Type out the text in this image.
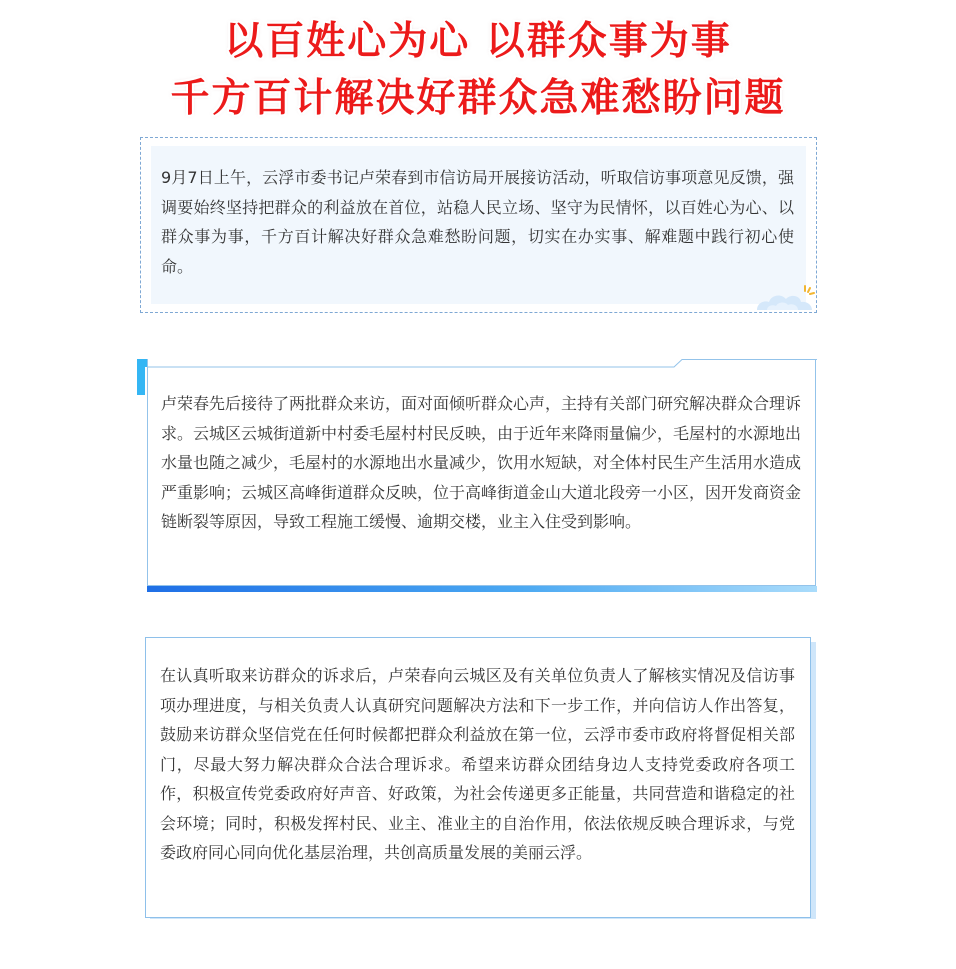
以百姓心为心 以群众事为事
千方百计解决好群众急难愁盼问题

9月7日上午，云浮市委书记卢荣春到市信访局开展接访活动，听取信访事项意见反馈，强调要始终坚持把群众的利益放在首位，站稳人民立场、坚守为民情怀，以百姓心为心、以群众事为事，千方百计解决好群众急难愁盼问题，切实在办实事、解难题中践行初心使命。

卢荣春先后接待了两批群众来访，面对面倾听群众心声，主持有关部门研究解决群众合理诉求。云城区云城街道新中村委毛屋村村民反映，由于近年来降雨量偏少，毛屋村的水源地出水量也随之减少，毛屋村的水源地出水量减少，饮用水短缺，对全体村民生产生活用水造成严重影响；云城区高峰街道群众反映，位于高峰街道金山大道北段旁一小区，因开发商资金链断裂等原因，导致工程施工缓慢、逾期交楼，业主入住受到影响。

在认真听取来访群众的诉求后，卢荣春向云城区及有关单位负责人了解核实情况及信访事项办理进度，与相关负责人认真研究问题解决方法和下一步工作，并向信访人作出答复，鼓励来访群众坚信党在任何时候都把群众利益放在第一位，云浮市委市政府将督促相关部门，尽最大努力解决群众合法合理诉求。希望来访群众团结身边人支持党委政府各项工作，积极宣传党委政府好声音、好政策，为社会传递更多正能量，共同营造和谐稳定的社会环境；同时，积极发挥村民、业主、准业主的自治作用，依法依规反映合理诉求，与党委政府同心同向优化基层治理，共创高质量发展的美丽云浮。
